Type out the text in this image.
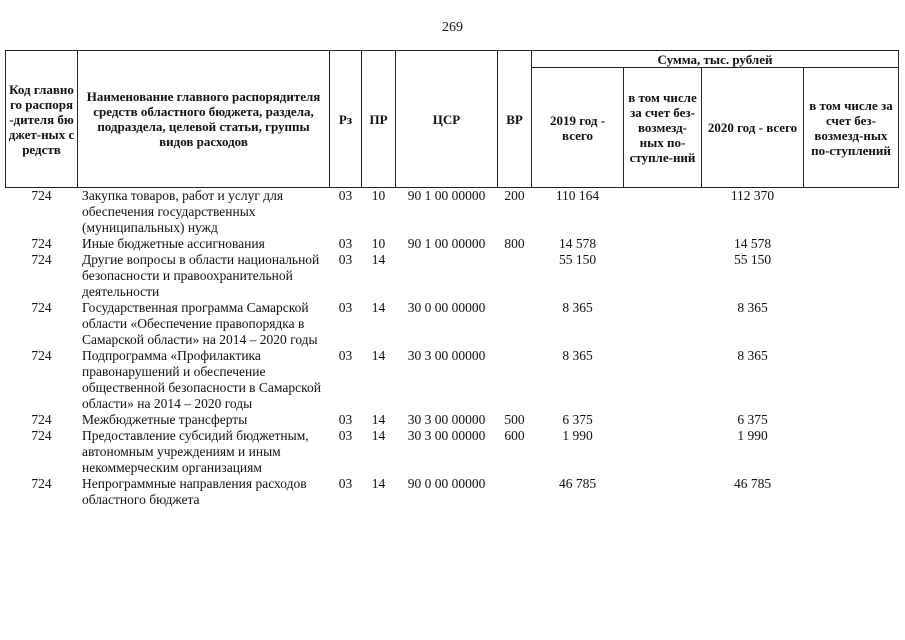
269
Код главного распоря-дителя бюджет-ных средств	Наименование главного распорядителя средств областного бюджета, раздела, подраздела, целевой статьи, группы видов расходов	Рз	ПР	ЦСР	ВР	Сумма, тыс. рублей			
						2019 год - всего	в том числе за счет без-возмезд-ных по-ступле-ний	2020 год - всего	в том числе за счет без-возмезд-ных по-ступлений
724	Закупка товаров, работ и услуг для обеспечения государственных (муниципальных) нужд	03	10	90 1 00 00000	200	110 164		112 370	
724	Иные бюджетные ассигнования	03	10	90 1 00 00000	800	14 578		14 578	
724	Другие вопросы в области национальной безопасности и правоохранительной деятельности	03	14			55 150		55 150	
724	Государственная программа Самарской области «Обеспечение правопорядка в Самарской области» на 2014 – 2020 годы	03	14	30 0 00 00000		8 365		8 365	
724	Подпрограмма «Профилактика правонарушений и обеспечение общественной безопасности в Самарской области» на 2014 – 2020 годы	03	14	30 3 00 00000		8 365		8 365	
724	Межбюджетные трансферты	03	14	30 3 00 00000	500	6 375		6 375	
724	Предоставление субсидий бюджетным, автономным учреждениям и иным некоммерческим организациям	03	14	30 3 00 00000	600	1 990		1 990	
724	Непрограммные направления расходов областного бюджета	03	14	90 0 00 00000		46 785		46 785	
